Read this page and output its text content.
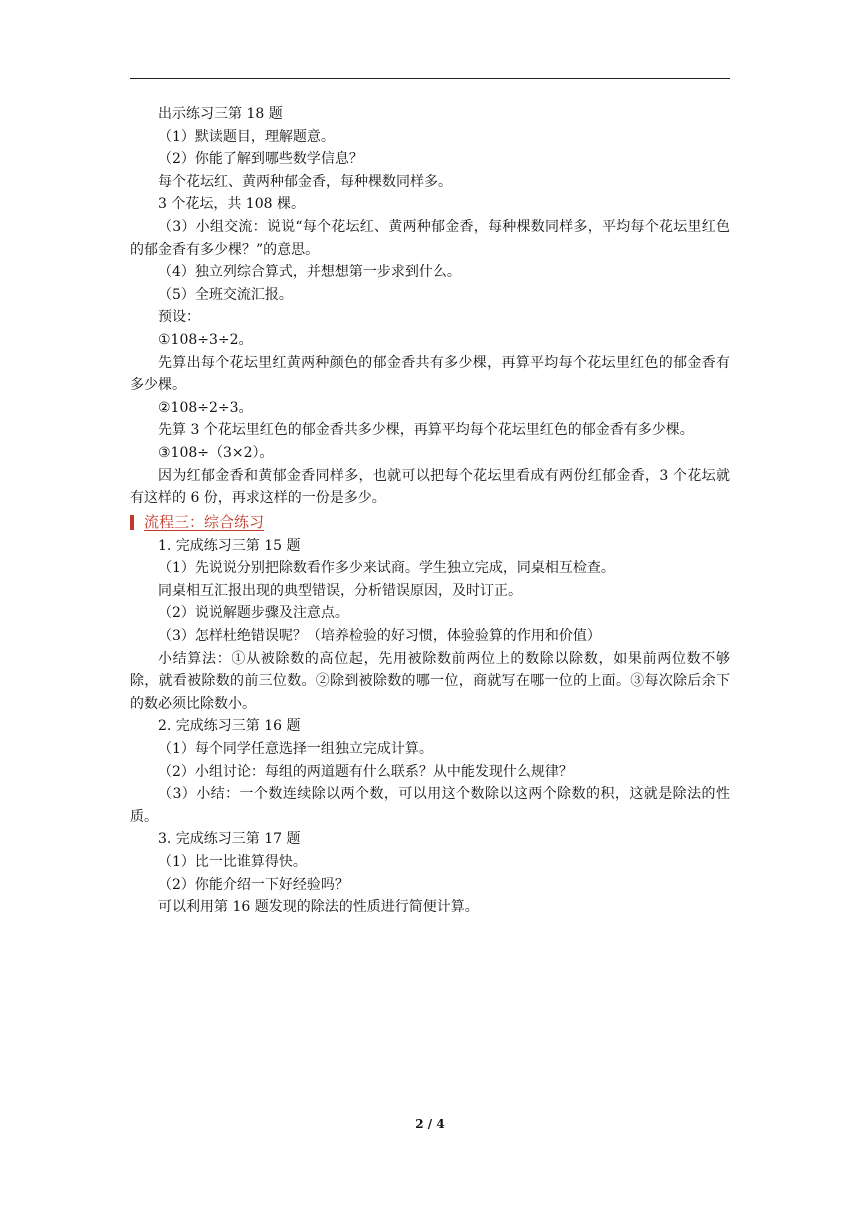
出示练习三第 18 题

（1）默读题目，理解题意。

（2）你能了解到哪些数学信息？

每个花坛红、黄两种郁金香，每种棵数同样多。

3 个花坛，共 108 棵。

（3）小组交流：说说“每个花坛红、黄两种郁金香，每种棵数同样多，平均每个花坛里红色的郁金香有多少棵？”的意思。

（4）独立列综合算式，并想想第一步求到什么。

（5）全班交流汇报。

预设：

①108÷3÷2。

先算出每个花坛里红黄两种颜色的郁金香共有多少棵，再算平均每个花坛里红色的郁金香有多少棵。

②108÷2÷3。

先算 3 个花坛里红色的郁金香共多少棵，再算平均每个花坛里红色的郁金香有多少棵。

③108÷（3×2）。

因为红郁金香和黄郁金香同样多，也就可以把每个花坛里看成有两份红郁金香，3 个花坛就有这样的 6 份，再求这样的一份是多少。

流程三：综合练习

1. 完成练习三第 15 题

（1）先说说分别把除数看作多少来试商。学生独立完成，同桌相互检查。

同桌相互汇报出现的典型错误，分析错误原因，及时订正。

（2）说说解题步骤及注意点。

（3）怎样杜绝错误呢？（培养检验的好习惯，体验验算的作用和价值）

小结算法：①从被除数的高位起，先用被除数前两位上的数除以除数，如果前两位数不够除，就看被除数的前三位数。②除到被除数的哪一位，商就写在哪一位的上面。③每次除后余下的数必须比除数小。

2. 完成练习三第 16 题

（1）每个同学任意选择一组独立完成计算。

（2）小组讨论：每组的两道题有什么联系？从中能发现什么规律？

（3）小结：一个数连续除以两个数，可以用这个数除以这两个除数的积，这就是除法的性质。

3. 完成练习三第 17 题

（1）比一比谁算得快。

（2）你能介绍一下好经验吗？

可以利用第 16 题发现的除法的性质进行简便计算。

2 / 4
